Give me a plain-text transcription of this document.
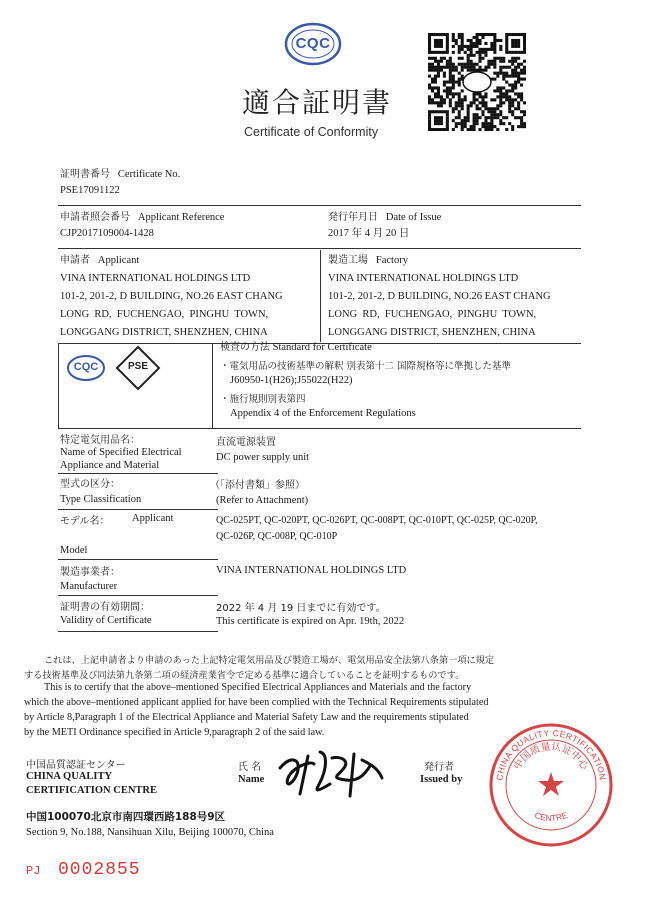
CQC
適合証明書
Certificate of Conformity
証明書番号 Certificate No.
PSE17091122
申請者照会番号 Applicant Reference
CJP2017109004-1428
発行年月日 Date of Issue
2017 年 4 月 20 日
申請者 Applicant
VINA INTERNATIONAL HOLDINGS LTD
101-2, 201-2, D BUILDING, NO.26 EAST CHANG
LONG  RD,  FUCHENGAO,  PINGHU  TOWN,
LONGGANG DISTRICT, SHENZHEN, CHINA
製造工場 Factory
VINA INTERNATIONAL HOLDINGS LTD
101-2, 201-2, D BUILDING, NO.26 EAST CHANG
LONG  RD,  FUCHENGAO,  PINGHU  TOWN,
LONGGANG DISTRICT, SHENZHEN, CHINA
CQC	PSE
検査の方法 Standard for Certificate
・電気用品の技術基準の解釈 別表第十二 国際規格等に準拠した基準
J60950-1(H26);J55022(H22)
・施行規則別表第四
Appendix 4 of the Enforcement Regulations
特定電気用品名：
Name of Specified Electrical
Appliance and Material
直流電源装置
DC power supply unit
型式の区分：
Type Classification
（「添付書類」参照）
(Refer to Attachment)
モデル名： Applicant	QC-025PT, QC-020PT, QC-026PT, QC-008PT, QC-010PT, QC-025P, QC-020P,
QC-026P, QC-008P, QC-010P
Model
製造事業者：	VINA INTERNATIONAL HOLDINGS LTD
Manufacturer
証明書の有効期間：	2022 年 4 月 19 日までに有効です。
Validity of Certificate	This certificate is expired on Apr. 19th, 2022
これは、上記申請者より申請のあった上記特定電気用品及び製造工場が、電気用品安全法第八条第一項に規定
する技術基準及び同法第九条第二項の経済産業省令で定める基準に適合していることを証明するものです。
This is to certify that the above–mentioned Specified Electrical Appliances and Materials and the factory
which the above–mentioned applicant applied for have been complied with the Technical Requirements stipulated
by Article 8,Paragraph 1 of the Electrical Appliance and Material Safety Law and the requirements stipulated
by the METI Ordinance specified in Article 9,paragraph 2 of the said law.
中国品質認証センター
CHINA QUALITY
CERTIFICATION CENTRE
氏 名
Name
発行者
Issued by	CHINA QUALITY CERTIFICATION
CENTRE
中国质量认证中心
中国100070北京市南四環西路188号9区
Section 9, No.188, Nansihuan Xilu, Beijing 100070, China
PJ 0002855
